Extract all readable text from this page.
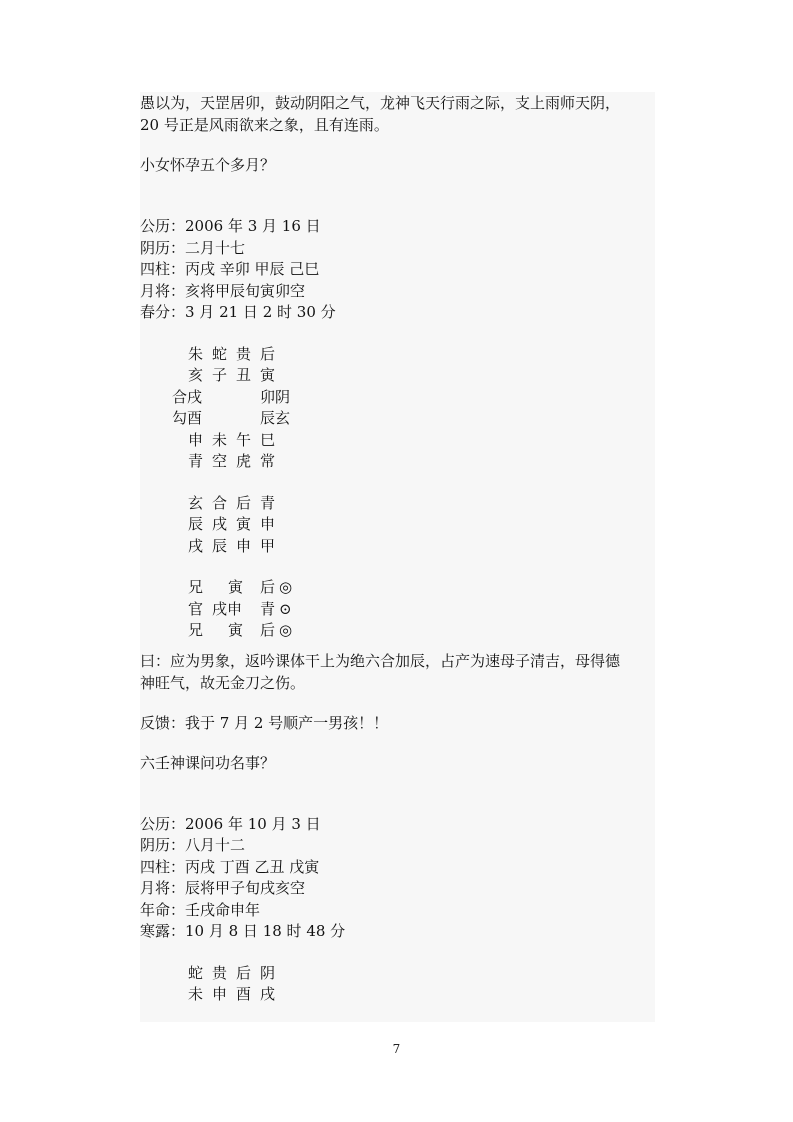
愚以为，天罡居卯，鼓动阴阳之气，龙神飞天行雨之际，支上雨师天阴，

20 号正是风雨欲来之象，且有连雨。

小女怀孕五个多月？

公历：2006 年 3 月 16 日
阴历：二月十七
四柱：丙戌 辛卯 甲辰 己巳
月将：亥将甲辰旬寅卯空
春分：3 月 21 日 2 时 30 分
朱 蛇 贵 后
亥 子 丑 寅
合戌	卯阴
勾酉	辰玄
申 未 午 巳
青 空 虎 常
玄 合 后 青
辰 戌 寅 申
戌 辰 申 甲
兄 寅 后 ◎
官 戌申 青 ⊙
兄 寅 后 ◎

曰：应为男象，返吟课体干上为绝六合加辰，占产为速母子清吉，母得德

神旺气，故无金刀之伤。

反馈：我于 7 月 2 号顺产一男孩！！

六壬神课问功名事？

公历：2006 年 10 月 3 日
阴历：八月十二
四柱：丙戌 丁酉 乙丑 戊寅
月将：辰将甲子旬戌亥空
年命：壬戌命申年
寒露：10 月 8 日 18 时 48 分
蛇 贵 后 阴
未 申 酉 戌
7
